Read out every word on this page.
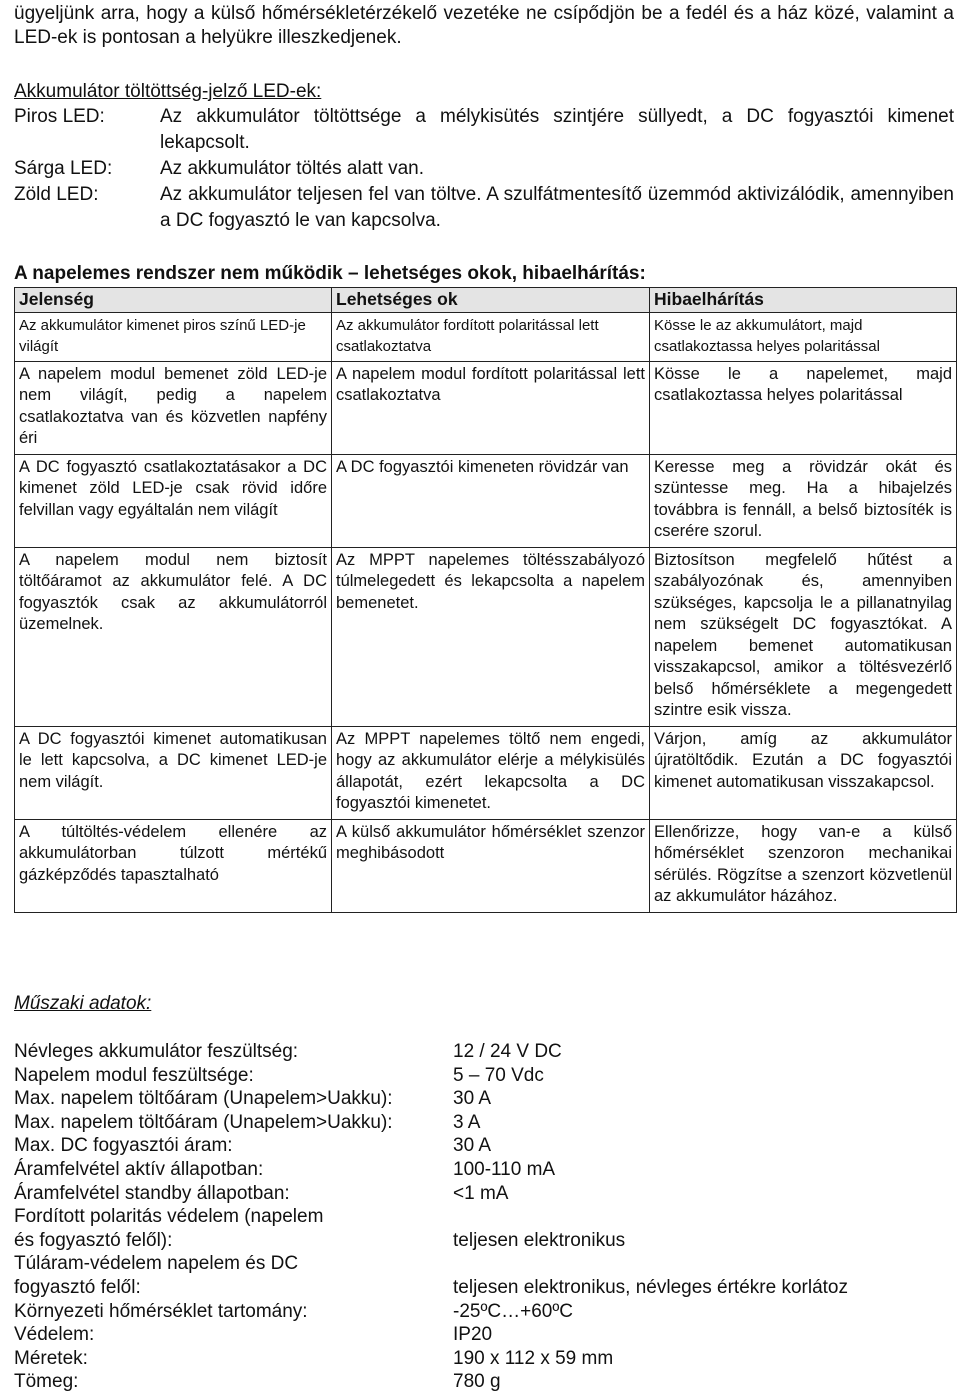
ügyeljünk arra, hogy a külső hőmérsékletérzékelő vezetéke ne csípődjön be a fedél és a ház közé, valamint a LED-ek is pontosan a helyükre illeszkedjenek.

Akkumulátor töltöttség-jelző LED-ek:

Piros LED:	Az akkumulátor töltöttsége a mélykisütés szintjére süllyedt, a DC fogyasztói kimenet lekapcsolt.
Sárga LED:	Az akkumulátor töltés alatt van.
Zöld LED:	Az akkumulátor teljesen fel van töltve. A szulfátmentesítő üzemmód aktivizálódik, amennyiben a DC fogyasztó le van kapcsolva.

A napelemes rendszer nem működik – lehetséges okok, hibaelhárítás:

Jelenség	Lehetséges ok	Hibaelhárítás
Az akkumulátor kimenet piros színű LED-je világít	Az akkumulátor fordított polaritással lett csatlakoztatva	Kösse le az akkumulátort, majd csatlakoztassa helyes polaritással
A napelem modul bemenet zöld LED-je nem világít, pedig a napelem csatlakoztatva van és közvetlen napfény éri	A napelem modul fordított polaritással lett csatlakoztatva	Kösse le a napelemet, majd csatlakoztassa helyes polaritással
A DC fogyasztó csatlakoztatásakor a DC kimenet zöld LED-je csak rövid időre felvillan vagy egyáltalán nem világít	A DC fogyasztói kimeneten rövidzár van	Keresse meg a rövidzár okát és szüntesse meg. Ha a hibajelzés továbbra is fennáll, a belső biztosíték is cserére szorul.
A napelem modul nem biztosít töltőáramot az akkumulátor felé. A DC fogyasztók csak az akkumulátorról üzemelnek.	Az MPPT napelemes töltésszabályozó túlmelegedett és lekapcsolta a napelem bemenetet.	Biztosítson megfelelő hűtést a szabályozónak és, amennyiben szükséges, kapcsolja le a pillanatnyilag nem szükségelt DC fogyasztókat. A napelem bemenet automatikusan visszakapcsol, amikor a töltésvezérlő belső hőmérséklete a megengedett szintre esik vissza.
A DC fogyasztói kimenet automatikusan le lett kapcsolva, a DC kimenet LED-je nem világít.	Az MPPT napelemes töltő nem engedi, hogy az akkumulátor elérje a mélykisülés állapotát, ezért lekapcsolta a DC fogyasztói kimenetet.	Várjon, amíg az akkumulátor újratöltődik. Ezután a DC fogyasztói kimenet automatikusan visszakapcsol.
A túltöltés-védelem ellenére az akkumulátorban túlzott mértékű gázképződés tapasztalható	A külső akkumulátor hőmérséklet szenzor meghibásodott	Ellenőrizze, hogy van-e a külső hőmérséklet szenzoron mechanikai sérülés. Rögzítse a szenzort közvetlenül az akkumulátor házához.

Műszaki adatok:

Névleges akkumulátor feszültség:	12 / 24 V DC
Napelem modul feszültsége:	5 – 70 Vdc
Max. napelem töltőáram (Unapelem>Uakku):	30 A
Max. napelem töltőáram (Unapelem>Uakku):	3 A
Max. DC fogyasztói áram:	30 A
Áramfelvétel aktív állapotban:	100-110 mA
Áramfelvétel standby állapotban:	<1 mA
Fordított polaritás védelem (napelem
és fogyasztó felől):	teljesen elektronikus
Túláram-védelem napelem és DC
fogyasztó felől:	teljesen elektronikus, névleges értékre korlátoz
Környezeti hőmérséklet tartomány:	-25ºC…+60ºC
Védelem:	IP20
Méretek:	190 x 112 x 59 mm
Tömeg:	780 g
